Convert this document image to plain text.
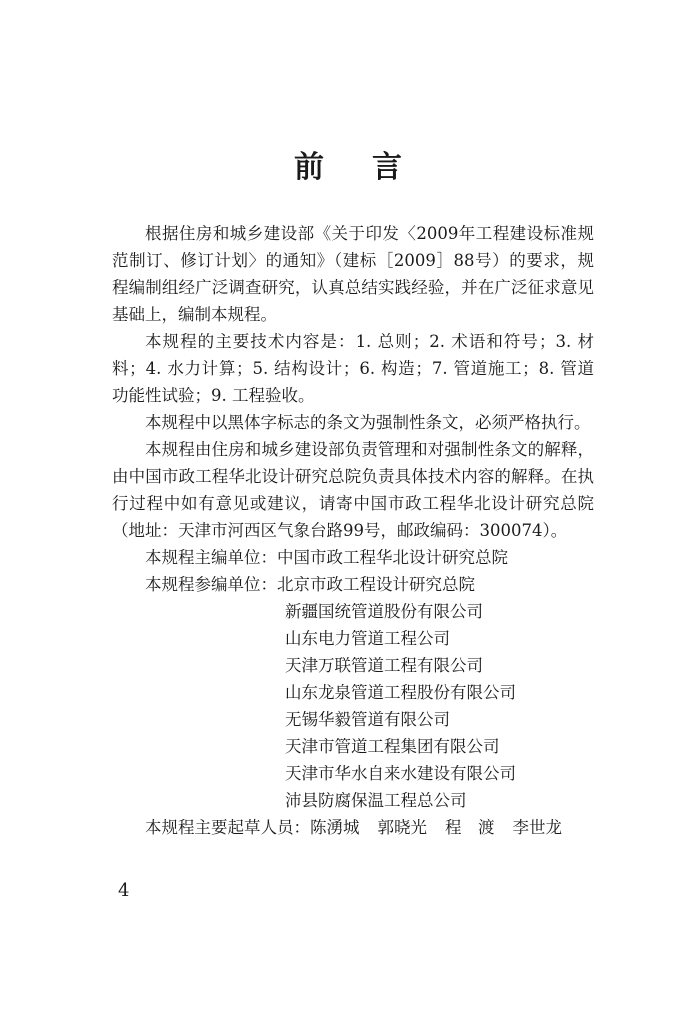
前 言

根据住房和城乡建设部《关于印发〈2009年工程建设标准规范制订、修订计划〉的通知》（建标［2009］88号）的要求，规程编制组经广泛调查研究，认真总结实践经验，并在广泛征求意见基础上，编制本规程。

本规程的主要技术内容是：1. 总则；2. 术语和符号；3. 材料；4. 水力计算；5. 结构设计；6. 构造；7. 管道施工；8. 管道功能性试验；9. 工程验收。

本规程中以黑体字标志的条文为强制性条文，必须严格执行。

本规程由住房和城乡建设部负责管理和对强制性条文的解释，由中国市政工程华北设计研究总院负责具体技术内容的解释。在执行过程中如有意见或建议，请寄中国市政工程华北设计研究总院（地址：天津市河西区气象台路99号，邮政编码：300074）。

本规程主编单位：中国市政工程华北设计研究总院

本规程参编单位：北京市政工程设计研究总院

新疆国统管道股份有限公司
山东电力管道工程公司
天津万联管道工程有限公司
山东龙泉管道工程股份有限公司
无锡华毅管道有限公司
天津市管道工程集团有限公司
天津市华水自来水建设有限公司
沛县防腐保温工程总公司

本规程主要起草人员：陈湧城 郭晓光 程　渡 李世龙

4
